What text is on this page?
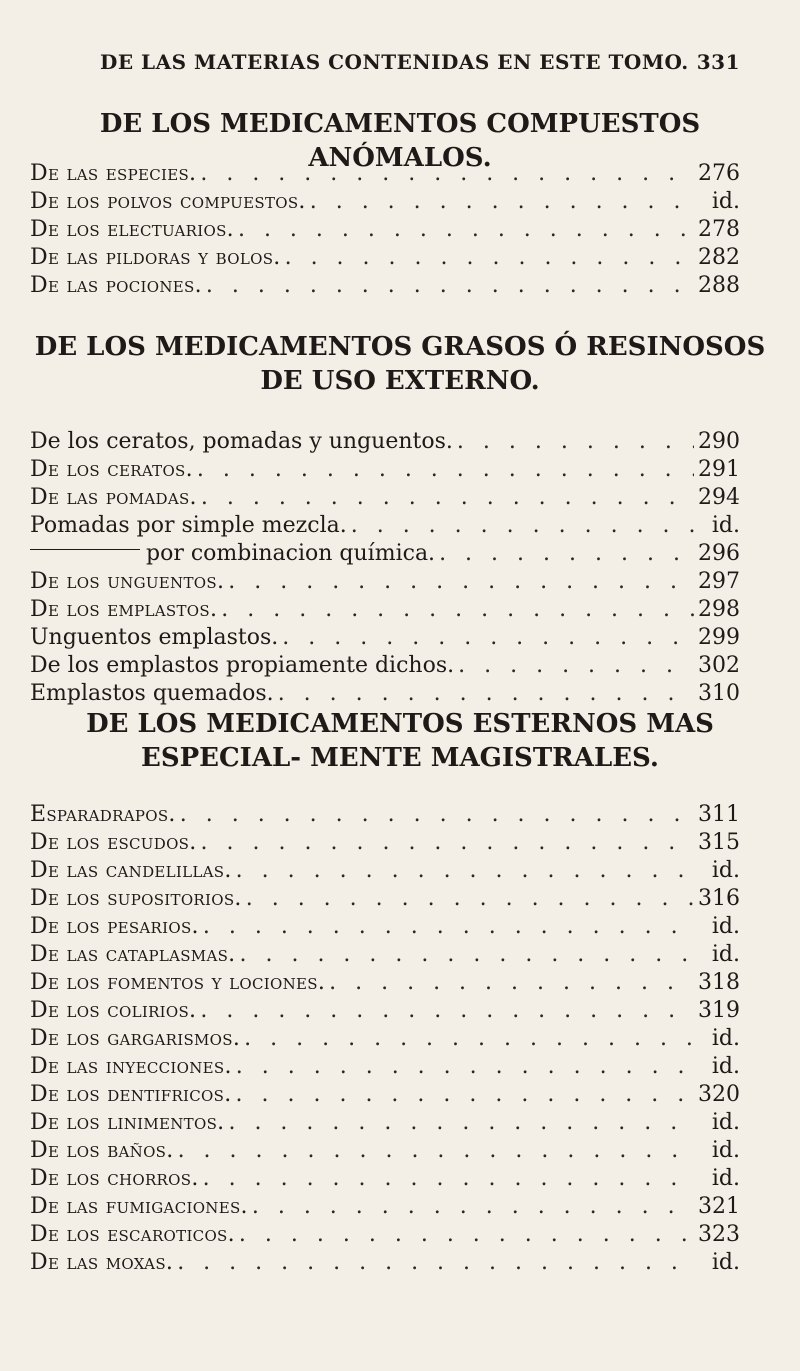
DE LAS MATERIAS CONTENIDAS EN ESTE TOMO. 331
DE LOS MEDICAMENTOS COMPUESTOS ANÓMALOS.
De las especies. . . .	276
De los polvos compuestos. . . .	id.
De los electuarios. . . .	278
De las pildoras y bolos. . . .	282
De las pociones. . . .	288
DE LOS MEDICAMENTOS GRASOS Ó RESINOSOS DE USO EXTERNO.
De los ceratos, pomadas y unguentos. . . .	290
De los ceratos. . . .	291
De las pomadas. . . .	294
Pomadas por simple mezcla. . . .	id.
por combinacion química. . . .	296
De los unguentos. . . .	297
De los emplastos. . . .	298
Unguentos emplastos. . . .	299
De los emplastos propiamente dichos. . . .	302
Emplastos quemados. . . .	310
DE LOS MEDICAMENTOS ESTERNOS MAS ESPECIAL- MENTE MAGISTRALES.
Esparadrapos. . . .	311
De los escudos. . . .	315
De las candelillas. . . .	id.
De los supositorios. . . .	316
De los pesarios. . . .	id.
De las cataplasmas. . . .	id.
De los fomentos y lociones. . . .	318
De los colirios. . . .	319
De los gargarismos. . . .	id.
De las inyecciones. . . .	id.
De los dentifricos. . . .	320
De los linimentos. . . .	id.
De los baños. . . .	id.
De los chorros. . . .	id.
De las fumigaciones. . . .	321
De los escaroticos. . . .	323
De las moxas. . . .	id.
